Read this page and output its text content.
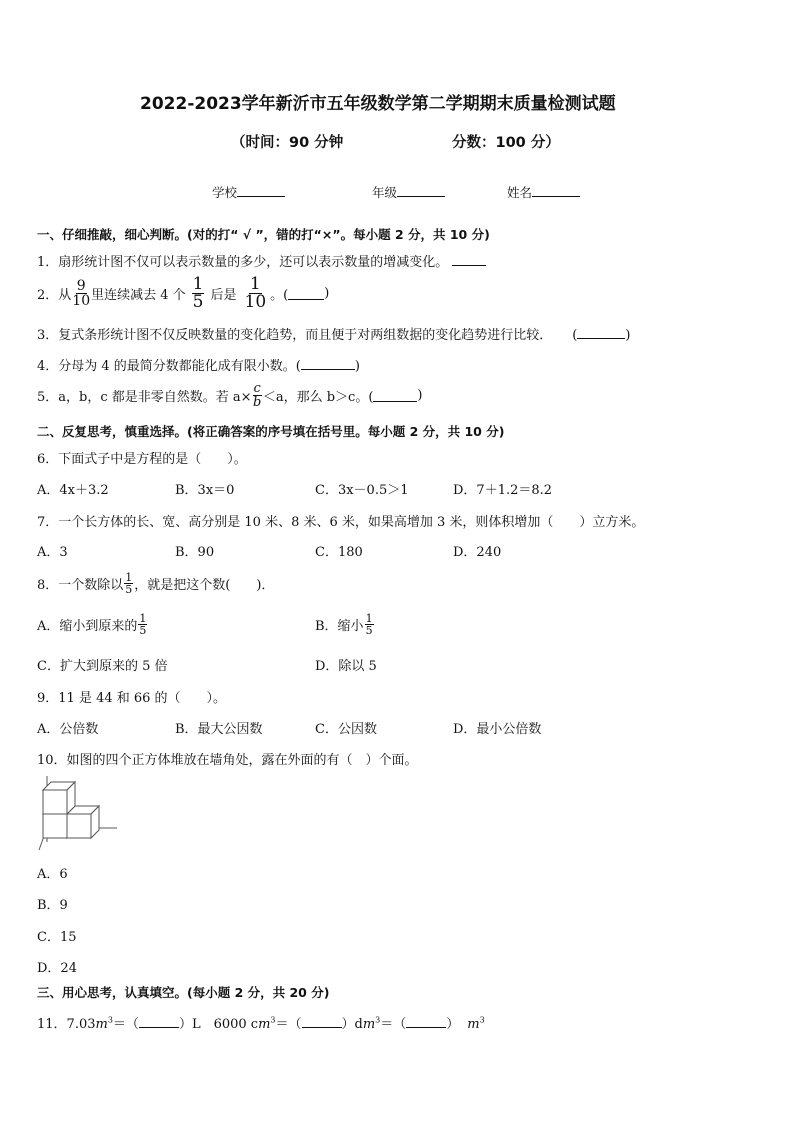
2022-2023学年新沂市五年级数学第二学期期末质量检测试题
（时间：90 分钟	分数：100 分）
学校	年级	姓名
一、仔细推敲，细心判断。(对的打“ √ ”，错的打“×”。每小题 2 分，共 10 分)
1．扇形统计图不仅可以表示数量的多少，还可以表示数量的增减变化。
2．从 $\frac{9}{10}$ 里连续减去 4 个 $\frac{1}{5}$ 后是 $\frac{1}{10}$ 。(	)
3．复式条形统计图不仅反映数量的变化趋势，而且便于对两组数据的变化趋势进行比较． (	)
4．分母为 4 的最简分数都能化成有限小数。(	)
5．a，b，c 都是非零自然数。若 $a\times \frac{c}{b} <a$，那么 b＞c。(	)
二、反复思考，慎重选择。(将正确答案的序号填在括号里。每小题 2 分，共 10 分)
6．下面式子中是方程的是（　　）。
A．4x＋3.2	B．3x＝0	C．3x－0.5＞1	D．7＋1.2＝8.2
7．一个长方体的长、宽、高分别是 10 米、8 米、6 米，如果高增加 3 米，则体积增加（　　）立方米。
A．3	B．90	C．180	D．240
8．一个数除以 $\frac{1}{5}$ ，就是把这个数(　　)．
A．缩小到原来的 $\frac{1}{5}$	B．缩小 $\frac{1}{5}$
C．扩大到原来的 5 倍	D．除以 5
9．11 是 44 和 66 的（　　）。
A．公倍数	B．最大公因数	C．公因数	D．最小公倍数
10．如图的四个正方体堆放在墙角处，露在外面的有（　）个面。
A．6
B．9
C．15
D．24
三、用心思考，认真填空。(每小题 2 分，共 20 分)
11．$7.03m^3=$（	）L　6000 $cm^3=$（	）$dm^3=$（	） $m^3$
